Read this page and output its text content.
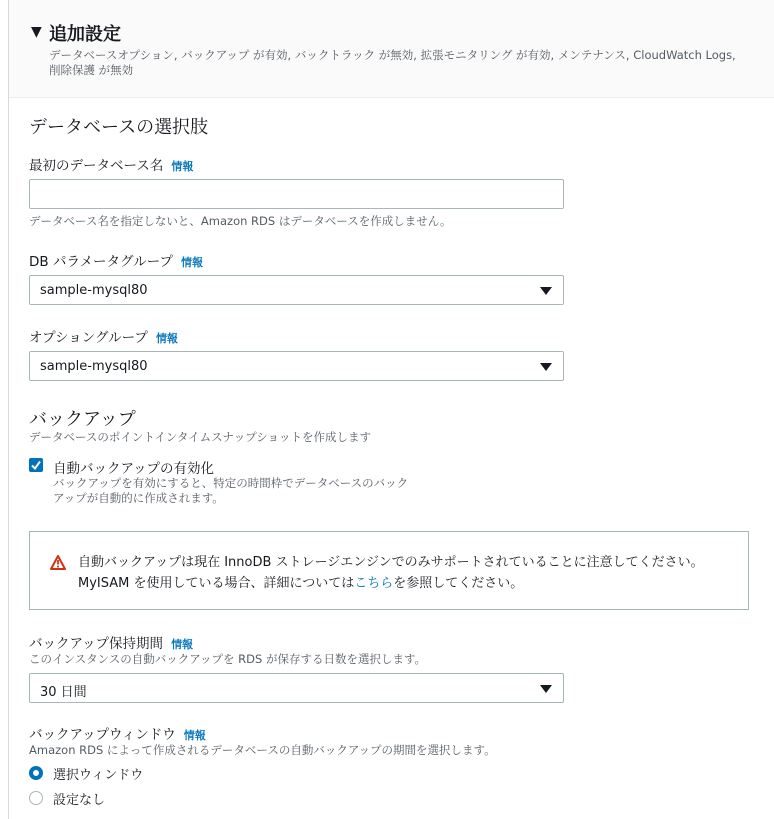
▼ 追加設定
データベースオプション, バックアップ が有効, バックトラック が無効, 拡張モニタリング が有効, メンテナンス, CloudWatch Logs, 削除保護 が無効
データベースの選択肢
最初のデータベース名 情報
データベース名を指定しないと、Amazon RDS はデータベースを作成しません。
DB パラメータグループ 情報
sample-mysql80
オプショングループ 情報
sample-mysql80
バックアップ
データベースのポイントインタイムスナップショットを作成します
自動バックアップの有効化
バックアップを有効にすると、特定の時間枠でデータベースのバック
アップが自動的に作成されます。
自動バックアップは現在 InnoDB ストレージエンジンでのみサポートされていることに注意してください。MyISAM を使用している場合、詳細についてはこちらを参照してください。
バックアップ保持期間 情報
このインスタンスの自動バックアップを RDS が保存する日数を選択します。
30 日間
バックアップウィンドウ 情報
Amazon RDS によって作成されるデータベースの自動バックアップの期間を選択します。
選択ウィンドウ
設定なし
